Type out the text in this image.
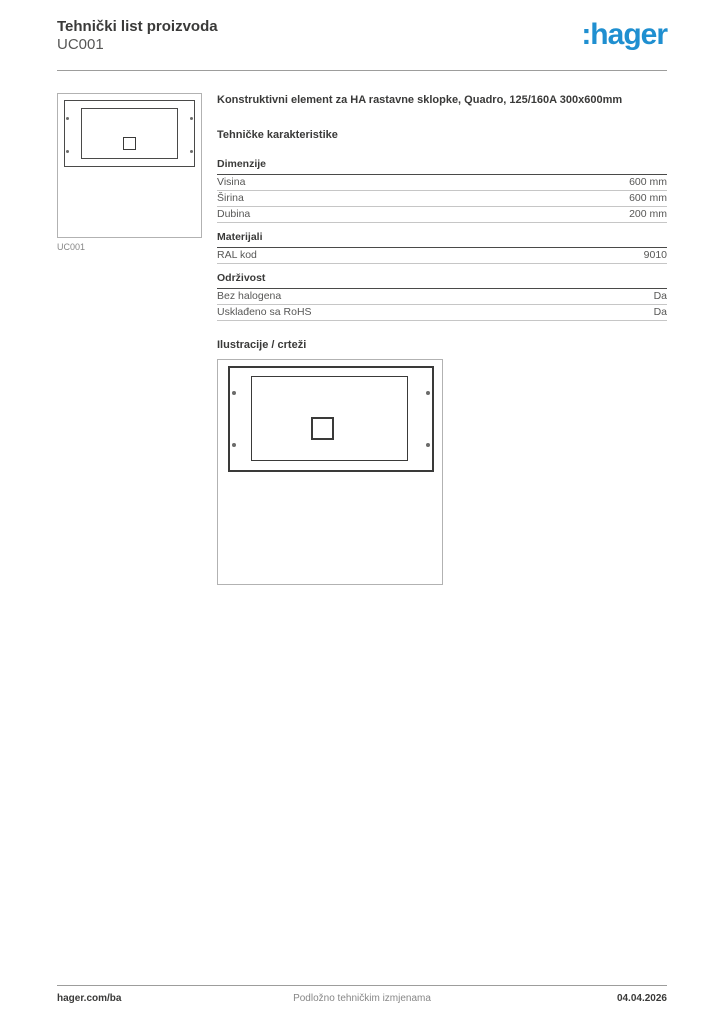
Tehnički list proizvoda
UC001	:hager
UC001
Konstruktivni element za HA rastavne sklopke, Quadro, 125/160A 300x600mm
Tehničke karakteristike
Dimenzije
Visina	600 mm
Širina	600 mm
Dubina	200 mm
Materijali
RAL kod	9010
Održivost
Bez halogena	Da
Usklađeno sa RoHS	Da
Ilustracije / crteži
hager.com/ba	Podložno tehničkim izmjenama	04.04.2026
